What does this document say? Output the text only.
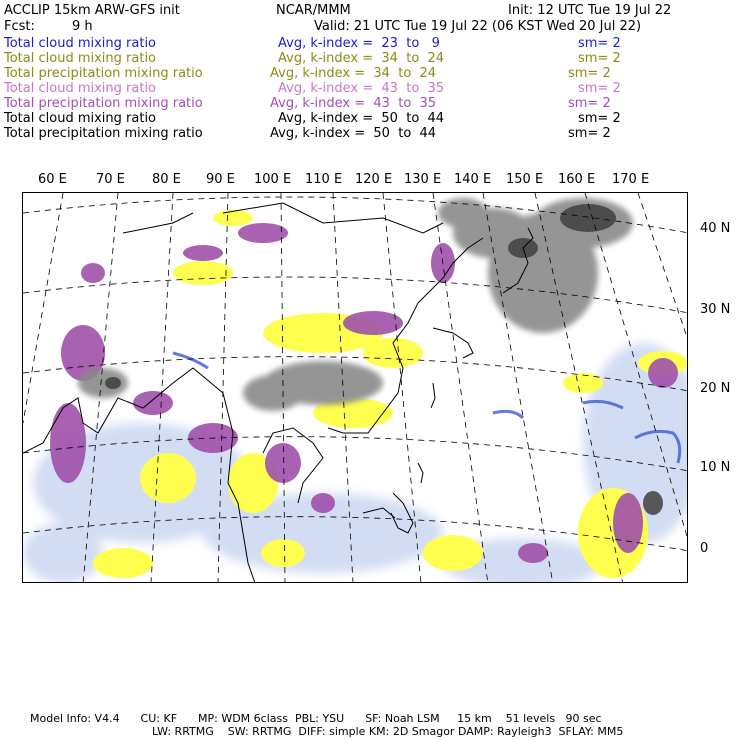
ACCLIP 15km ARW-GFS init	NCAR/MMM	Init: 12 UTC Tue 19 Jul 22
Fcst:	9 h	Valid: 21 UTC Tue 19 Jul 22 (06 KST Wed 20 Jul 22)
Total cloud mixing ratio	Avg, k-index =  23  to   9	sm= 2
Total cloud mixing ratio	Avg, k-index =  34  to  24	sm= 2
Total precipitation mixing ratio	Avg, k-index =  34  to  24	sm= 2
Total cloud mixing ratio	Avg, k-index =  43  to  35	sm= 2
Total precipitation mixing ratio	Avg, k-index =  43  to  35	sm= 2
Total cloud mixing ratio	Avg, k-index =  50  to  44	sm= 2
Total precipitation mixing ratio	Avg, k-index =  50  to  44	sm= 2
60 E 70 E 80 E 90 E 100 E 110 E 120 E 130 E 140 E 150 E 160 E 170 E
40 N
30 N
20 N
10 N
0
Model Info: V4.4      CU: KF      MP: WDM 6class  PBL: YSU      SF: Noah LSM     15 km    51 levels   90 sec
LW: RRTMG    SW: RRTMG  DIFF: simple KM: 2D Smagor DAMP: Rayleigh3  SFLAY: MM5
